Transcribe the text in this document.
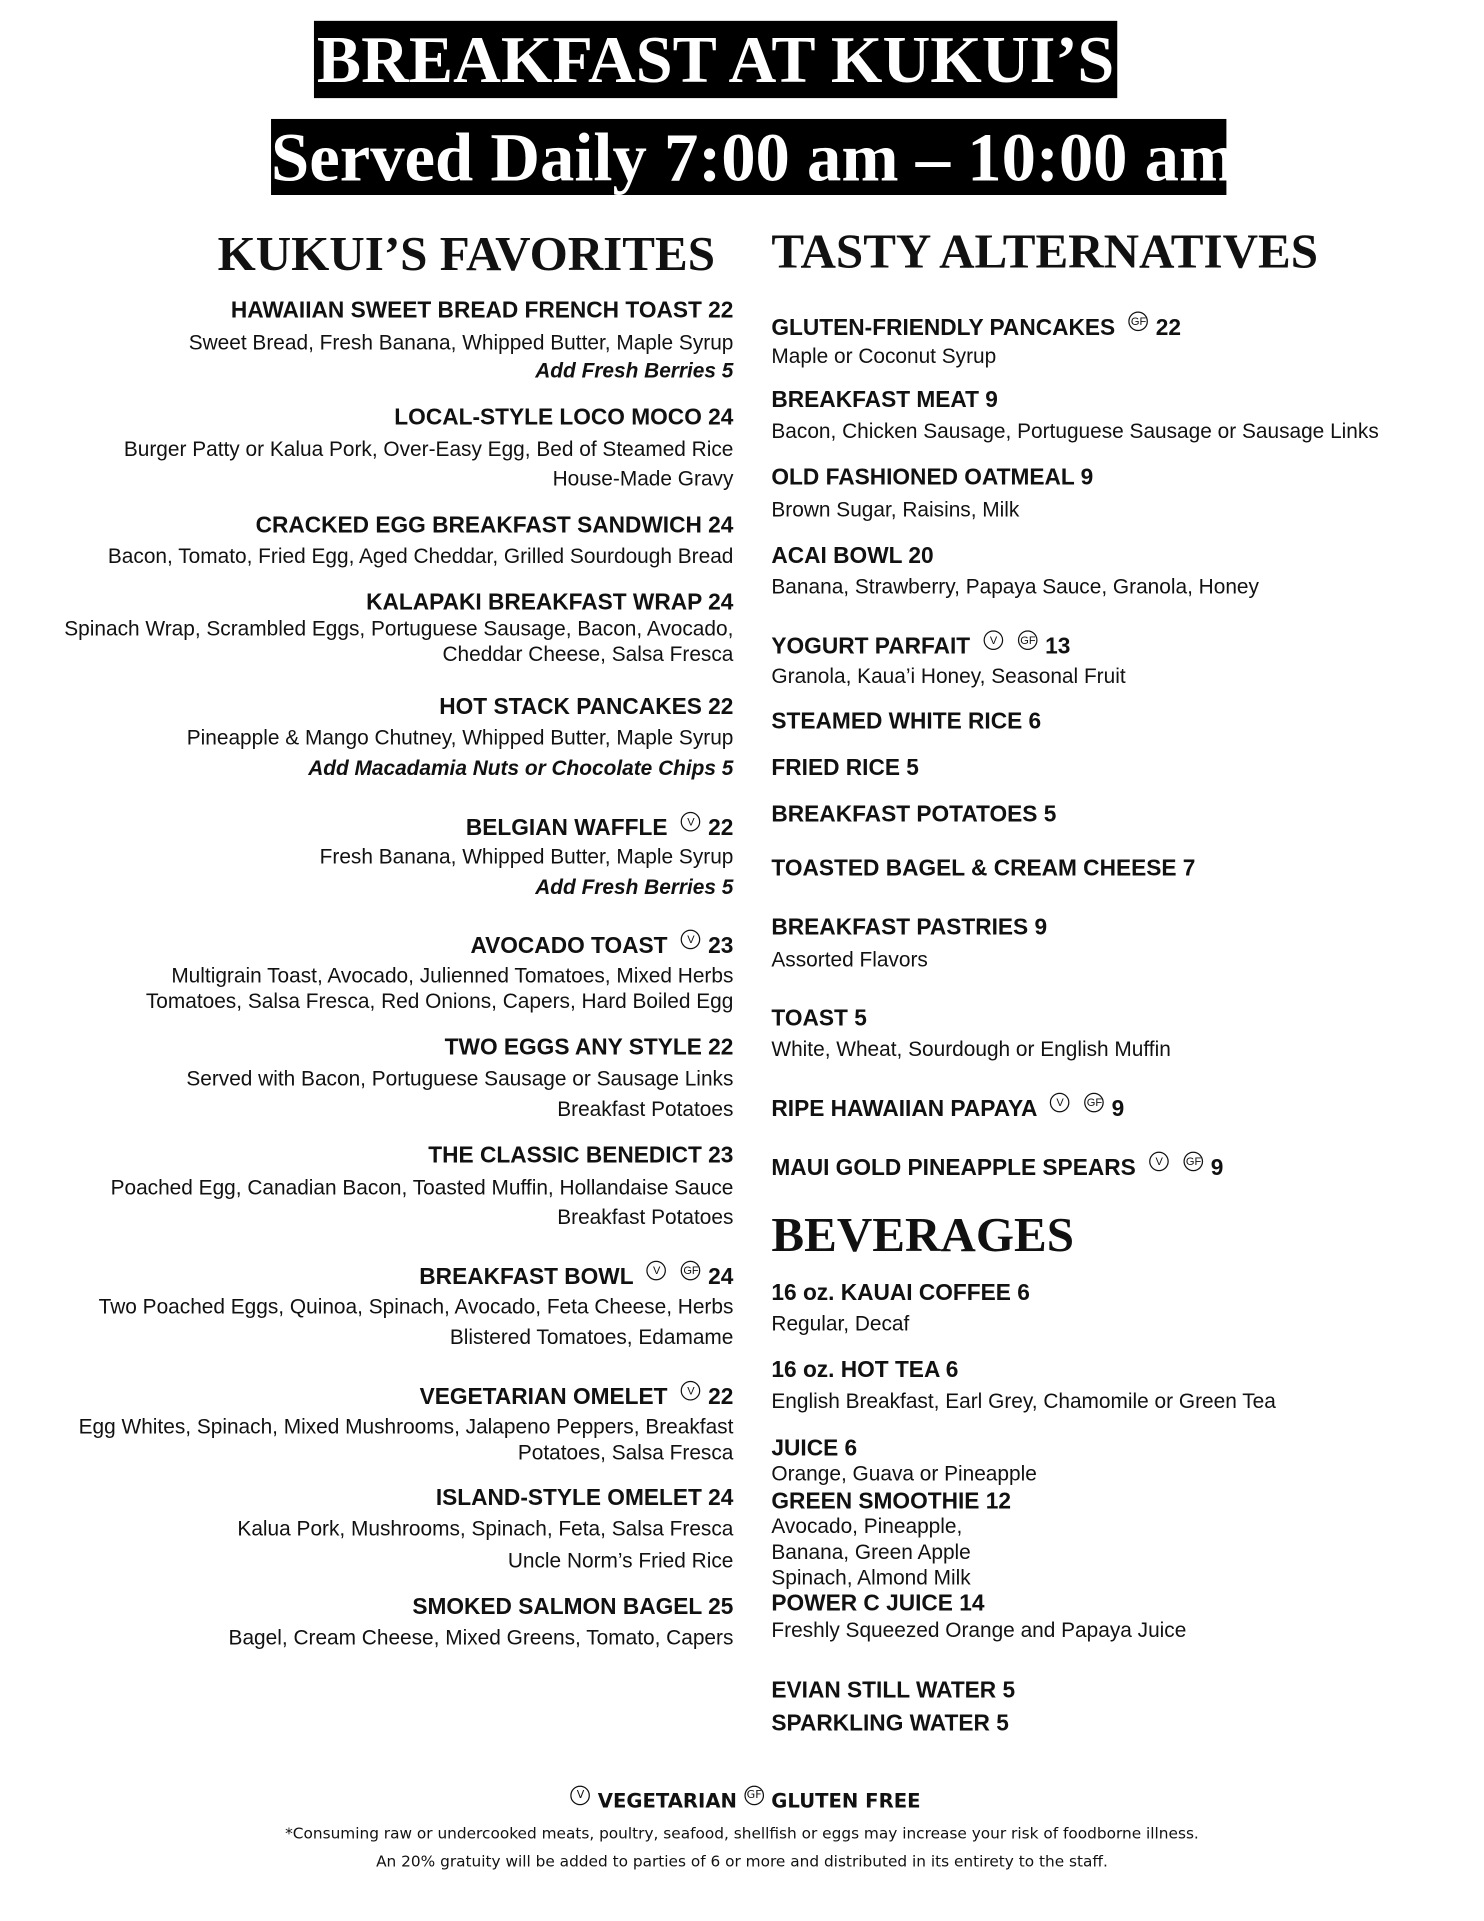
BREAKFAST AT KUKUI’S
Served Daily 7:00 am – 10:00 am
KUKUI’S FAVORITES TASTY ALTERNATIVES
BEVERAGES
HAWAIIAN SWEET BREAD FRENCH TOAST 22
Sweet Bread, Fresh Banana, Whipped Butter, Maple Syrup
Add Fresh Berries 5
LOCAL-STYLE LOCO MOCO 24
Burger Patty or Kalua Pork, Over-Easy Egg, Bed of Steamed Rice
House-Made Gravy
CRACKED EGG BREAKFAST SANDWICH 24
Bacon, Tomato, Fried Egg, Aged Cheddar, Grilled Sourdough Bread
KALAPAKI BREAKFAST WRAP 24
Spinach Wrap, Scrambled Eggs, Portuguese Sausage, Bacon, Avocado,
Cheddar Cheese, Salsa Fresca
HOT STACK PANCAKES 22
Pineapple & Mango Chutney, Whipped Butter, Maple Syrup
Add Macadamia Nuts or Chocolate Chips 5
BELGIAN WAFFLE V 22
Fresh Banana, Whipped Butter, Maple Syrup
Add Fresh Berries 5
AVOCADO TOAST V 23
Multigrain Toast, Avocado, Julienned Tomatoes, Mixed Herbs
Tomatoes, Salsa Fresca, Red Onions, Capers, Hard Boiled Egg
TWO EGGS ANY STYLE 22
Served with Bacon, Portuguese Sausage or Sausage Links
Breakfast Potatoes
THE CLASSIC BENEDICT 23
Poached Egg, Canadian Bacon, Toasted Muffin, Hollandaise Sauce
Breakfast Potatoes
BREAKFAST BOWL V	GF 24
Two Poached Eggs, Quinoa, Spinach, Avocado, Feta Cheese, Herbs
Blistered Tomatoes, Edamame
VEGETARIAN OMELET V 22
Egg Whites, Spinach, Mixed Mushrooms, Jalapeno Peppers, Breakfast
Potatoes, Salsa Fresca
ISLAND-STYLE OMELET 24
Kalua Pork, Mushrooms, Spinach, Feta, Salsa Fresca
Uncle Norm’s Fried Rice
SMOKED SALMON BAGEL 25
Bagel, Cream Cheese, Mixed Greens, Tomato, Capers
GLUTEN-FRIENDLY PANCAKES GF 22
Maple or Coconut Syrup
BREAKFAST MEAT 9
Bacon, Chicken Sausage, Portuguese Sausage or Sausage Links
OLD FASHIONED OATMEAL 9
Brown Sugar, Raisins, Milk
ACAI BOWL 20
Banana, Strawberry, Papaya Sauce, Granola, Honey
YOGURT PARFAIT V	GF 13
Granola, Kaua’i Honey, Seasonal Fruit
STEAMED WHITE RICE 6
FRIED RICE 5
BREAKFAST POTATOES 5
TOASTED BAGEL & CREAM CHEESE 7
BREAKFAST PASTRIES 9
Assorted Flavors
TOAST 5
White, Wheat, Sourdough or English Muffin
RIPE HAWAIIAN PAPAYA V	GF 9
MAUI GOLD PINEAPPLE SPEARS V	GF 9
16 oz. KAUAI COFFEE 6
Regular, Decaf
16 oz. HOT TEA 6
English Breakfast, Earl Grey, Chamomile or Green Tea
JUICE 6
Orange, Guava or Pineapple
GREEN SMOOTHIE 12
Avocado, Pineapple,
Banana, Green Apple
Spinach, Almond Milk
POWER C JUICE 14
Freshly Squeezed Orange and Papaya Juice
EVIAN STILL WATER 5
SPARKLING WATER 5
V VEGETARIAN GF GLUTEN FREE
*Consuming raw or undercooked meats, poultry, seafood, shellfish or eggs may increase your risk of foodborne illness.
An 20% gratuity will be added to parties of 6 or more and distributed in its entirety to the staff.
